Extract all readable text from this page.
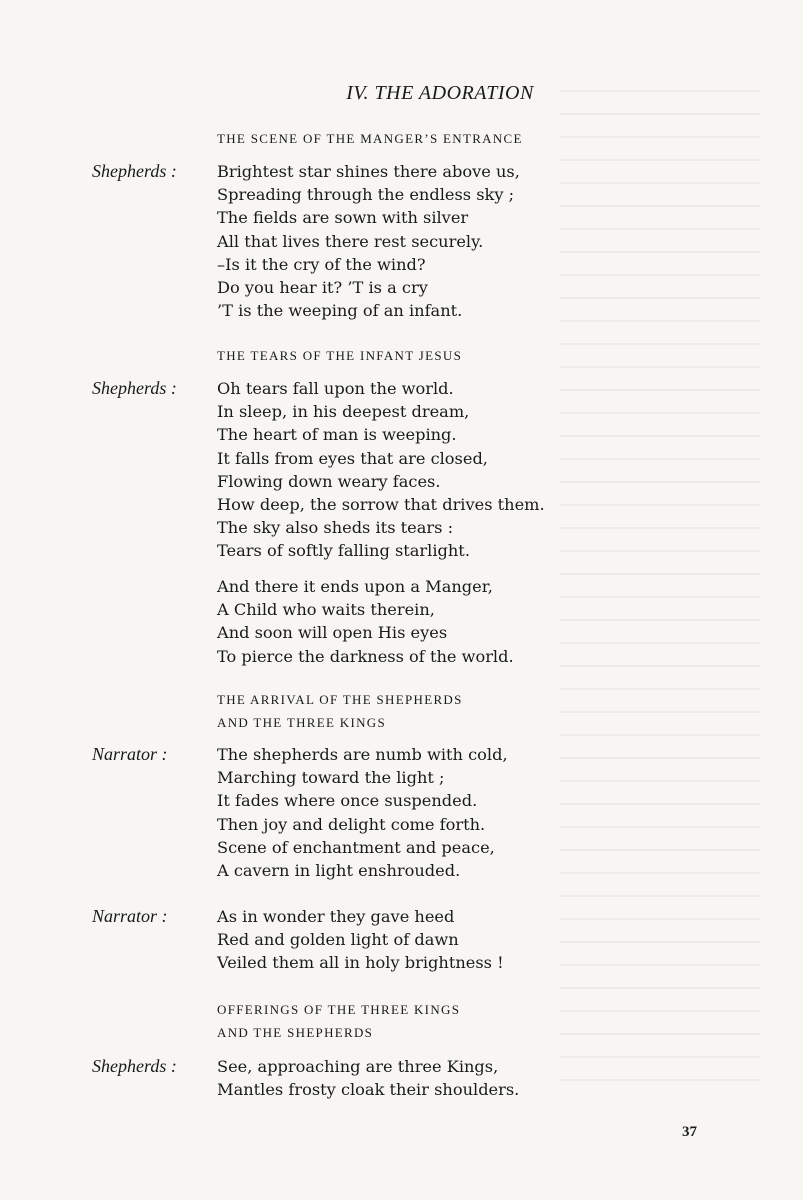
IV. THE ADORATION
THE SCENE OF THE MANGER’S ENTRANCE
Shepherds :	Brightest star shines there above us,
Spreading through the endless sky ;
The fields are sown with silver
All that lives there rest securely.
–Is it the cry of the wind?
Do you hear it? ’T is a cry
’T is the weeping of an infant.
THE TEARS OF THE INFANT JESUS
Shepherds :	Oh tears fall upon the world.
In sleep, in his deepest dream,
The heart of man is weeping.
It falls from eyes that are closed,
Flowing down weary faces.
How deep, the sorrow that drives them.
The sky also sheds its tears :
Tears of softly falling starlight.
And there it ends upon a Manger,
A Child who waits therein,
And soon will open His eyes
To pierce the darkness of the world.
THE ARRIVAL OF THE SHEPHERDS
AND THE THREE KINGS
Narrator :	The shepherds are numb with cold,
Marching toward the light ;
It fades where once suspended.
Then joy and delight come forth.
Scene of enchantment and peace,
A cavern in light enshrouded.
Narrator :	As in wonder they gave heed
Red and golden light of dawn
Veiled them all in holy brightness !
OFFERINGS OF THE THREE KINGS
AND THE SHEPHERDS
Shepherds :	See, approaching are three Kings,
Mantles frosty cloak their shoulders.
37
